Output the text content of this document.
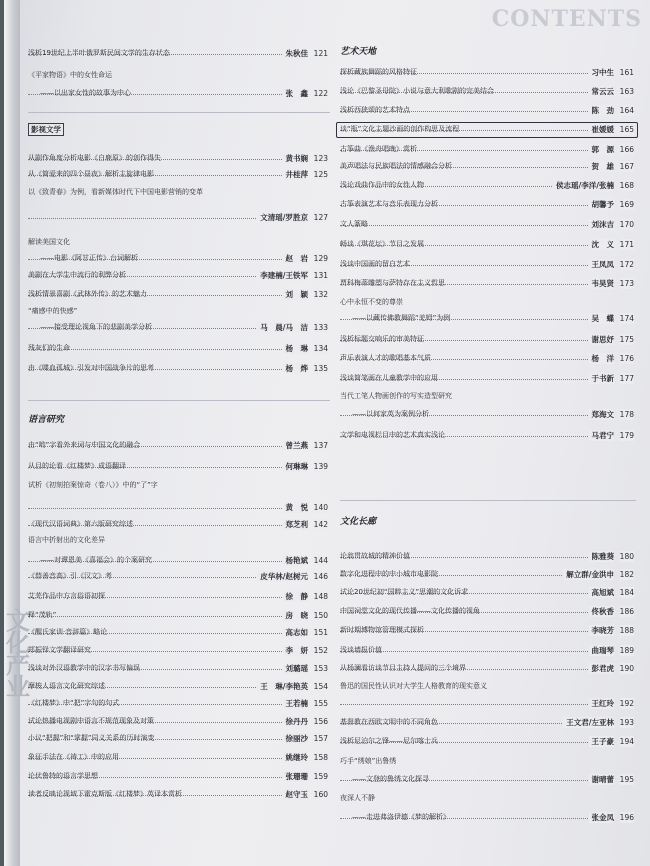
文化产业
CONTENTS
浅析19世纪上半叶俄罗斯民间文学的生存状态	朱秋佳 121
《平家物语》中的女性命运
——以出家女性的故事为中心	张　鑫 122
影视文学
从剧作角度分析电影《白鹿原》的创作得失	黄书娴 123
从《简爱来的四个昼夜》解析主旋律电影	井桂萍 125
以《致青春》为例，看新媒体时代下中国电影营销的变革
文清瑶/罗胜京 127
解读美国文化
——电影《阿甘正传》台词解析	赵　岩 129
美剧在大学生中流行的利弊分析	李建楠/王铁军 131
浅析情景喜剧《武林外传》的艺术魅力	刘　颖 132
“痛感中的快感”
——接受理论视角下的悲剧美学分析	马　晨/马　洁 133
残灰们的生命	杨　琳 134
由《喋血孤城》引发对中国战争片的思考	杨　烨 135
语言研究
由“哟”字看外来词与中国文化的融合	曾兰燕 137
从目的论看《红楼梦》成语翻译	何琳琳 139
试析《初刻拍案惊奇（卷八）》中的“了”字
黄　悦 140
《现代汉语词典》第六版研究综述	郑芝利 142
语言中折射出的文化差异
——对谭恩美《喜福会》的个案研究	杨艳斌 144
《替善音高》引《汉文》考	皮华林/赵树元 146
艾芜作品中方言俗语初探	徐　静 148
释“茂轨”	房　晓 150
《醒氏家训·音辞篇》略论	高志如 151
郑振铎文学翻译研究	李　妍 152
浅谈对外汉语教学中的汉字书写偏误	刘璐瑶 153
摩梭人语言文化研究综述	王　琳/李艳英 154
《红楼梦》中“把”字句的句式	王若楠 155
试论热播电视剧中语言不规范现象及对策	徐丹丹 156
小议“把握”和“掌握”同义关系的历时演变	徐丽沙 157
象征手法在《祷工》中的应用	姚继玲 158
论伏鲁特的语言学思想	张珊珊 159
读者反映论视域下霍克斯版《红楼梦》英译本赏析	赵守玉 160
艺术天地
探析藏族舞蹈的风格特征	习中生 161
浅论《巴黎圣母院》小说与意大利歌剧的完美结合	常云云 163
浅析西狭颂的艺术特点	陈　劲 164
谈“瓶”文化主题沙画的创作构思及流程	崔媛媛 165
古筝曲《渔舟唱晚》赏析	郭　源 166
美声唱法与民族唱法的情感融合分析	贺　雄 167
浅论戏曲作品中的女性人物	侯志瑶/李洋/张楠 168
古筝表演艺术与音乐表现力分析	胡馨予 169
文人篆略	刘沫吉 170
畅谈《琪花坛》节目之发展	沈　义 171
浅谈中国画的留白艺术	王凤凤 172
贾科梅蒂雕塑与萨特存在主义哲思	韦昊贤 173
心中永恒不变的尊崇
——以藏传佛教舞蹈“羌姆”为例	吴　蝶 174
浅析标题交响乐的审美特征	谢思妤 175
声乐表演人才的歌唱基本气质	杨　洋 176
浅谈简笔画在儿童教学中的应用	于书新 177
当代工笔人物画创作的写实造型研究
——以何家英为案例分析	郑海文 178
文学和电视栏目中的艺术真实浅论	马君宁 179
文化长廊
论翁贯故城的精神价值	陈雅葵 180
数字化进程中的中小城市电影院	解立群/金洪申 182
试论20世纪初“国粹主义”思潮的文化诉求	高旭斌 184
中国祠堂文化的现代传播——文化传播的视角	佟秋香 186
新时期博物馆管理模式探析	李晓芳 188
浅谈墙报价值	曲瑞琴 189
从杨澜看访谈节目主持人提问的三个境界	彭君虎 190
鲁迅的国民性认识对大学生人格教育的现实意义
王红玲 192
基督教在西欧文明中的不同角色	王文君/左亚林 193
浅析尼泊尔之锋——尼尔喀士兵	王子豪 194
巧手“绣娘”出鲁绣
——文登的鲁绣文化探寻	谢晴蕾 195
夜深人不静
——走进弗洛伊德《梦的解析》	张金凤 196
